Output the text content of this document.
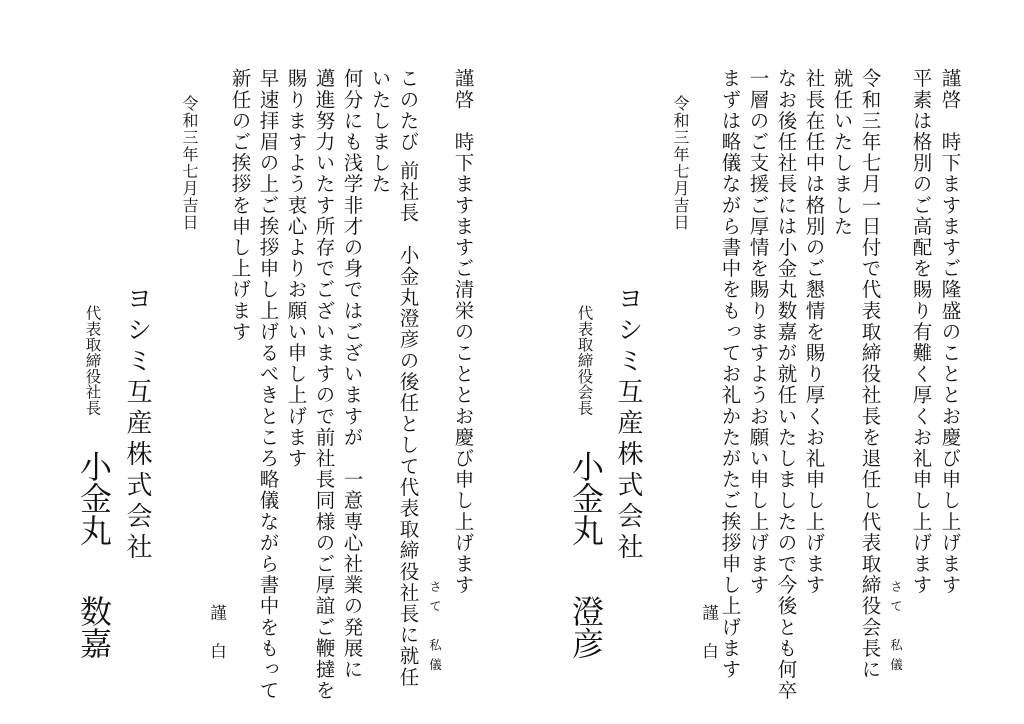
謹啓　時下ますますご隆盛のこととお慶び申し上げます
平素は格別のご高配を賜り有難く厚くお礼申し上げます
さて　私儀
令和三年七月一日付で代表取締役社長を退任し代表取締役会長に
就任いたしました
社長在任中は格別のご懇情を賜り厚くお礼申し上げます
なお後任社長には小金丸数嘉が就任いたしましたので今後とも何卒
一層のご支援ご厚情を賜りますようお願い申し上げます
まずは略儀ながら書中をもってお礼かたがたご挨拶申し上げます
謹白
令和三年七月吉日
ヨシミ互産株式会社
代表取締役会長
小金丸
澄彦
謹啓　時下ますますご清栄のこととお慶び申し上げます
さて　私儀
このたび 前社長　小金丸澄彦の後任として代表取締役社長に就任
いたしました
何分にも浅学非才の身ではございますが　一意専心社業の発展に
邁進努力いたす所存でございますので前社長同様のご厚誼ご鞭撻を
賜りますよう衷心よりお願い申し上げます
早速拝眉の上ご挨拶申し上げるべきところ略儀ながら書中をもって
新任のご挨拶を申し上げます
謹白
令和三年七月吉日
ヨシミ互産株式会社
代表取締役社長
小金丸
数嘉
